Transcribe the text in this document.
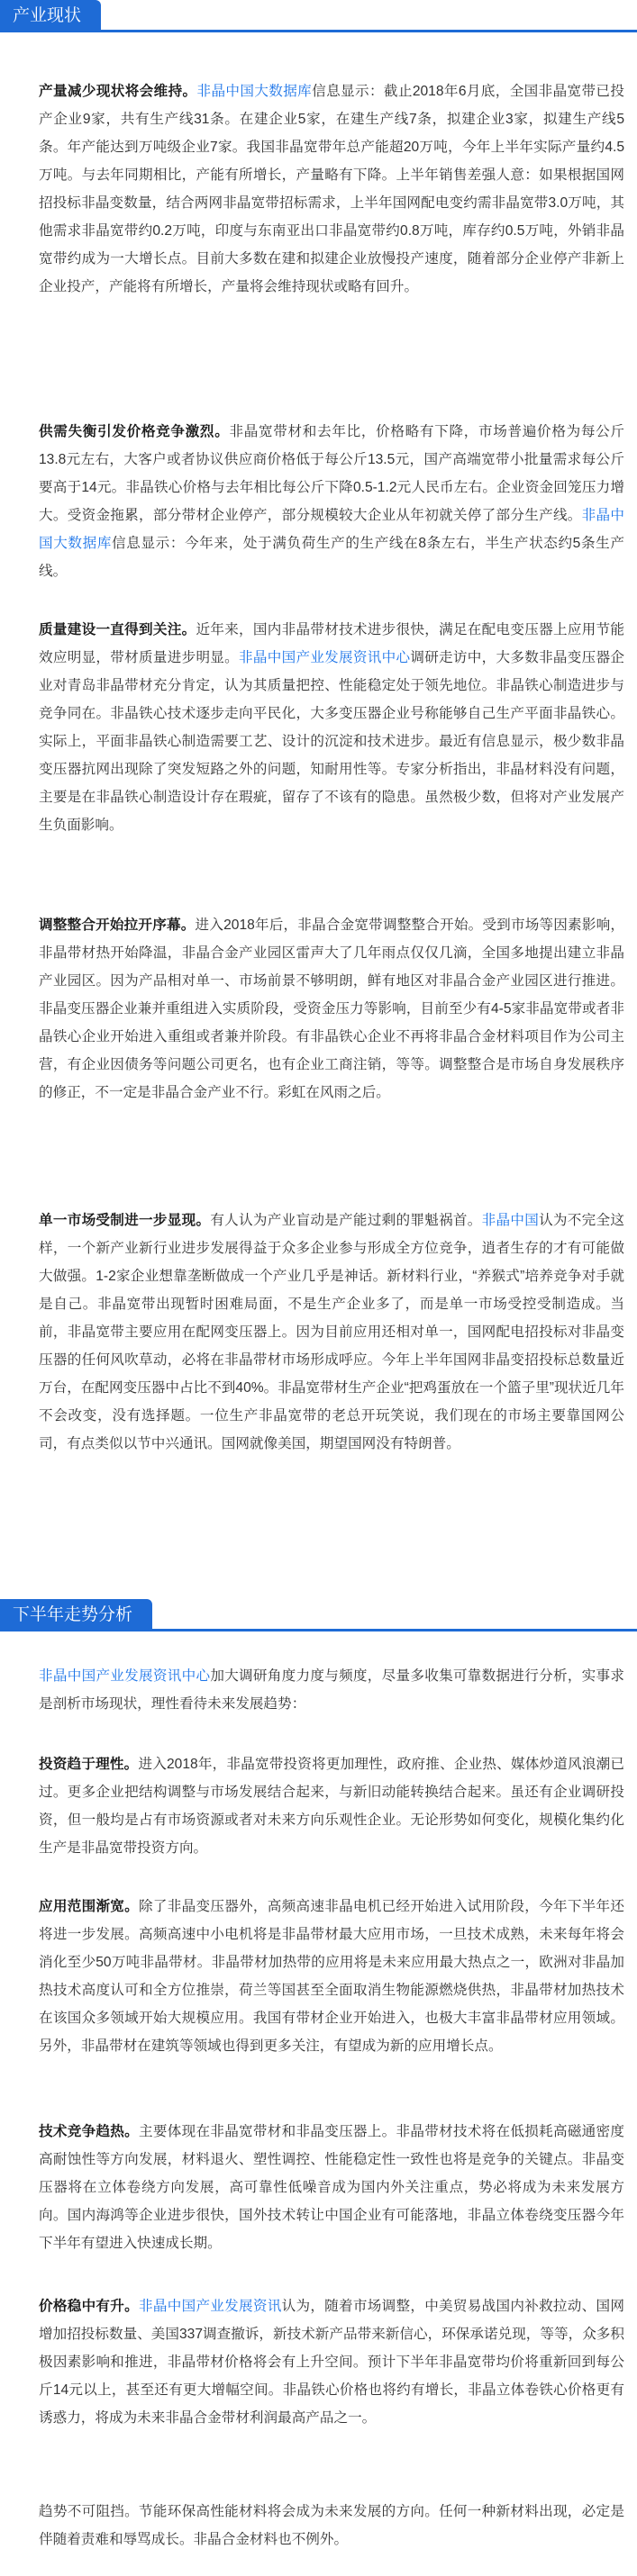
产业现状

产量减少现状将会维持。非晶中国大数据库信息显示：截止2018年6月底，全国非晶宽带已投产企业9家，共有生产线31条。在建企业5家，在建生产线7条，拟建企业3家，拟建生产线5条。年产能达到万吨级企业7家。我国非晶宽带年总产能超20万吨，今年上半年实际产量约4.5万吨。与去年同期相比，产能有所增长，产量略有下降。上半年销售差强人意：如果根据国网招投标非晶变数量，结合两网非晶宽带招标需求，上半年国网配电变约需非晶宽带3.0万吨，其他需求非晶宽带约0.2万吨，印度与东南亚出口非晶宽带约0.8万吨，库存约0.5万吨，外销非晶宽带约成为一大增长点。目前大多数在建和拟建企业放慢投产速度，随着部分企业停产非新上企业投产，产能将有所增长，产量将会维持现状或略有回升。

供需失衡引发价格竞争激烈。非晶宽带材和去年比，价格略有下降，市场普遍价格为每公斤13.8元左右，大客户或者协议供应商价格低于每公斤13.5元，国产高端宽带小批量需求每公斤要高于14元。非晶铁心价格与去年相比每公斤下降0.5-1.2元人民币左右。企业资金回笼压力增大。受资金拖累，部分带材企业停产，部分规模较大企业从年初就关停了部分生产线。非晶中国大数据库信息显示：今年来，处于满负荷生产的生产线在8条左右，半生产状态约5条生产线。

质量建设一直得到关注。近年来，国内非晶带材技术进步很快，满足在配电变压器上应用节能效应明显，带材质量进步明显。非晶中国产业发展资讯中心调研走访中，大多数非晶变压器企业对青岛非晶带材充分肯定，认为其质量把控、性能稳定处于领先地位。非晶铁心制造进步与竞争同在。非晶铁心技术逐步走向平民化，大多变压器企业号称能够自己生产平面非晶铁心。实际上，平面非晶铁心制造需要工艺、设计的沉淀和技术进步。最近有信息显示，极少数非晶变压器抗网出现除了突发短路之外的问题，知耐用性等。专家分析指出，非晶材料没有问题，主要是在非晶铁心制造设计存在瑕疵，留存了不该有的隐患。虽然极少数，但将对产业发展产生负面影响。

调整整合开始拉开序幕。进入2018年后，非晶合金宽带调整整合开始。受到市场等因素影响，非晶带材热开始降温，非晶合金产业园区雷声大了几年雨点仅仅几滴，全国多地提出建立非晶产业园区。因为产品相对单一、市场前景不够明朗，鲜有地区对非晶合金产业园区进行推进。非晶变压器企业兼并重组进入实质阶段，受资金压力等影响，目前至少有4-5家非晶宽带或者非晶铁心企业开始进入重组或者兼并阶段。有非晶铁心企业不再将非晶合金材料项目作为公司主营，有企业因债务等问题公司更名，也有企业工商注销，等等。调整整合是市场自身发展秩序的修正，不一定是非晶合金产业不行。彩虹在风雨之后。

单一市场受制进一步显现。有人认为产业盲动是产能过剩的罪魁祸首。非晶中国认为不完全这样，一个新产业新行业进步发展得益于众多企业参与形成全方位竞争，逍者生存的才有可能做大做强。1-2家企业想靠垄断做成一个产业几乎是神话。新材料行业，“养猴式”培养竞争对手就是自己。非晶宽带出现暂时困难局面，不是生产企业多了，而是单一市场受控受制造成。当前，非晶宽带主要应用在配网变压器上。因为目前应用还相对单一，国网配电招投标对非晶变压器的任何风吹草动，必将在非晶带材市场形成呼应。今年上半年国网非晶变招投标总数量近万台，在配网变压器中占比不到40%。非晶宽带材生产企业“把鸡蛋放在一个篮子里”现状近几年不会改变，没有选择题。一位生产非晶宽带的老总开玩笑说，我们现在的市场主要靠国网公司，有点类似以节中兴通讯。国网就像美国，期望国网没有特朗普。

下半年走势分析

非晶中国产业发展资讯中心加大调研角度力度与频度，尽量多收集可靠数据进行分析，实事求是剖析市场现状，理性看待未来发展趋势：

投资趋于理性。进入2018年，非晶宽带投资将更加理性，政府推、企业热、媒体炒道风浪潮已过。更多企业把结构调整与市场发展结合起来，与新旧动能转换结合起来。虽还有企业调研投资，但一般均是占有市场资源或者对未来方向乐观性企业。无论形势如何变化，规模化集约化生产是非晶宽带投资方向。

应用范围渐宽。除了非晶变压器外，高频高速非晶电机已经开始进入试用阶段，今年下半年还将进一步发展。高频高速中小电机将是非晶带材最大应用市场，一旦技术成熟，未来每年将会消化至少50万吨非晶带材。非晶带材加热带的应用将是未来应用最大热点之一，欧洲对非晶加热技术高度认可和全方位推崇，荷兰等国甚至全面取消生物能源燃烧供热，非晶带材加热技术在该国众多领域开始大规模应用。我国有带材企业开始进入，也极大丰富非晶带材应用领域。另外，非晶带材在建筑等领域也得到更多关注，有望成为新的应用增长点。

技术竞争趋热。主要体现在非晶宽带材和非晶变压器上。非晶带材技术将在低损耗高磁通密度高耐蚀性等方向发展，材料退火、塑性调控、性能稳定性一致性也将是竞争的关键点。非晶变压器将在立体卷绕方向发展，高可靠性低噪音成为国内外关注重点，势必将成为未来发展方向。国内海鸿等企业进步很快，国外技术转让中国企业有可能落地，非晶立体卷绕变压器今年下半年有望进入快速成长期。

价格稳中有升。非晶中国产业发展资讯认为，随着市场调整，中美贸易战国内补救拉动、国网增加招投标数量、美国337调查撤诉，新技术新产品带来新信心，环保承诺兑现，等等，众多积极因素影响和推进，非晶带材价格将会有上升空间。预计下半年非晶宽带均价将重新回到每公斤14元以上，甚至还有更大增幅空间。非晶铁心价格也将约有增长，非晶立体卷铁心价格更有诱惑力，将成为未来非晶合金带材利润最高产品之一。

趋势不可阻挡。节能环保高性能材料将会成为未来发展的方向。任何一种新材料出现，必定是伴随着责难和辱骂成长。非晶合金材料也不例外。
